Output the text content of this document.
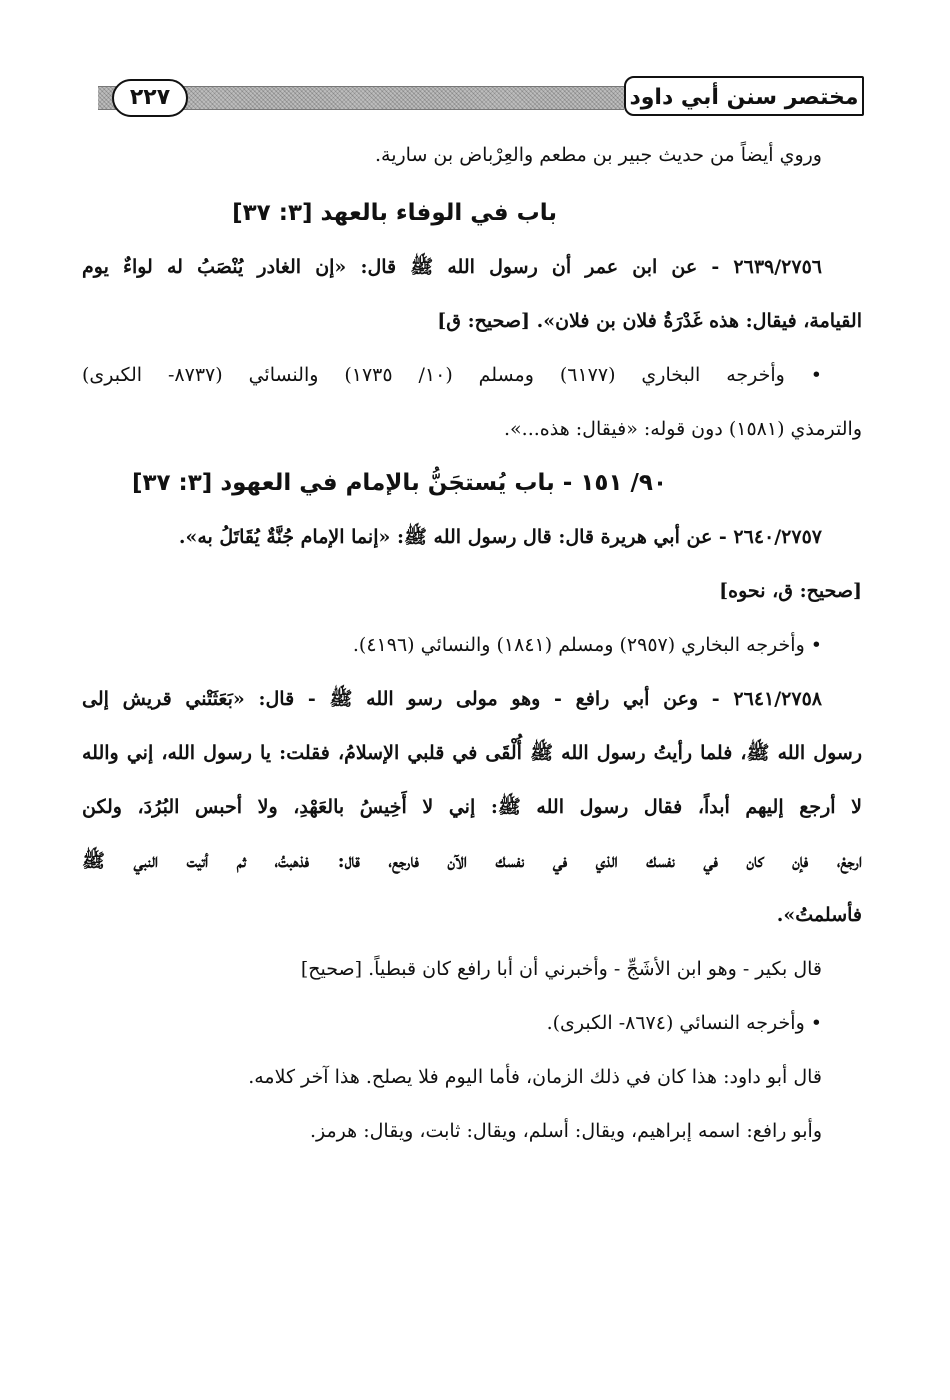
٢٢٧	مختصر سنن أبي داود
وروي أيضاً من حديث جبير بن مطعم والعِرْباض بن سارية.
باب في الوفاء بالعهد [٣: ٣٧]
٢٦٣٩/٢٧٥٦ - عن ابن عمر أن رسول الله ﷺ قال: «إن الغادر يُنْصَبُ له لواءٌ يوم
القيامة، فيقال: هذه غَدْرَةُ فلان بن فلان». [صحيح: ق]
• وأخرجه البخاري (٦١٧٧) ومسلم (١٠/ ١٧٣٥) والنسائي (٨٧٣٧- الكبرى)
والترمذي (١٥٨١) دون قوله: «فيقال: هذه...».
٩٠/ ١٥١ - باب يُستجَنُّ بالإمام في العهود [٣: ٣٧]
٢٦٤٠/٢٧٥٧ - عن أبي هريرة قال: قال رسول الله ﷺ: «إنما الإمام جُنَّةٌ يُقَاتَلُ به».
[صحيح: ق، نحوه]
• وأخرجه البخاري (٢٩٥٧) ومسلم (١٨٤١) والنسائي (٤١٩٦).
٢٦٤١/٢٧٥٨ - وعن أبي رافع - وهو مولى رسو الله ﷺ - قال: «بَعَثَتْني قريش إلى
رسول الله ﷺ، فلما رأيتُ رسول الله ﷺ أُلْقَى في قلبي الإسلامُ، فقلت: يا رسول الله، إني والله
لا أرجع إليهم أبداً، فقال رسول الله ﷺ: إني لا أَخِيسُ بالعَهْدِ، ولا أحبس البُرُدَ، ولكن
ارجعْ، فإن كان في نفسك الذي في نفسك الآن فارجع، قال: فذهبتُ، ثم أتيت النبي ﷺ
فأسلمتُ».
قال بكير - وهو ابن الأشَجِّ - وأخبرني أن أبا رافع كان قبطياً. [صحيح]
• وأخرجه النسائي (٨٦٧٤- الكبرى).
قال أبو داود: هذا كان في ذلك الزمان، فأما اليوم فلا يصلح. هذا آخر كلامه.
وأبو رافع: اسمه إبراهيم، ويقال: أسلم، ويقال: ثابت، ويقال: هرمز.
